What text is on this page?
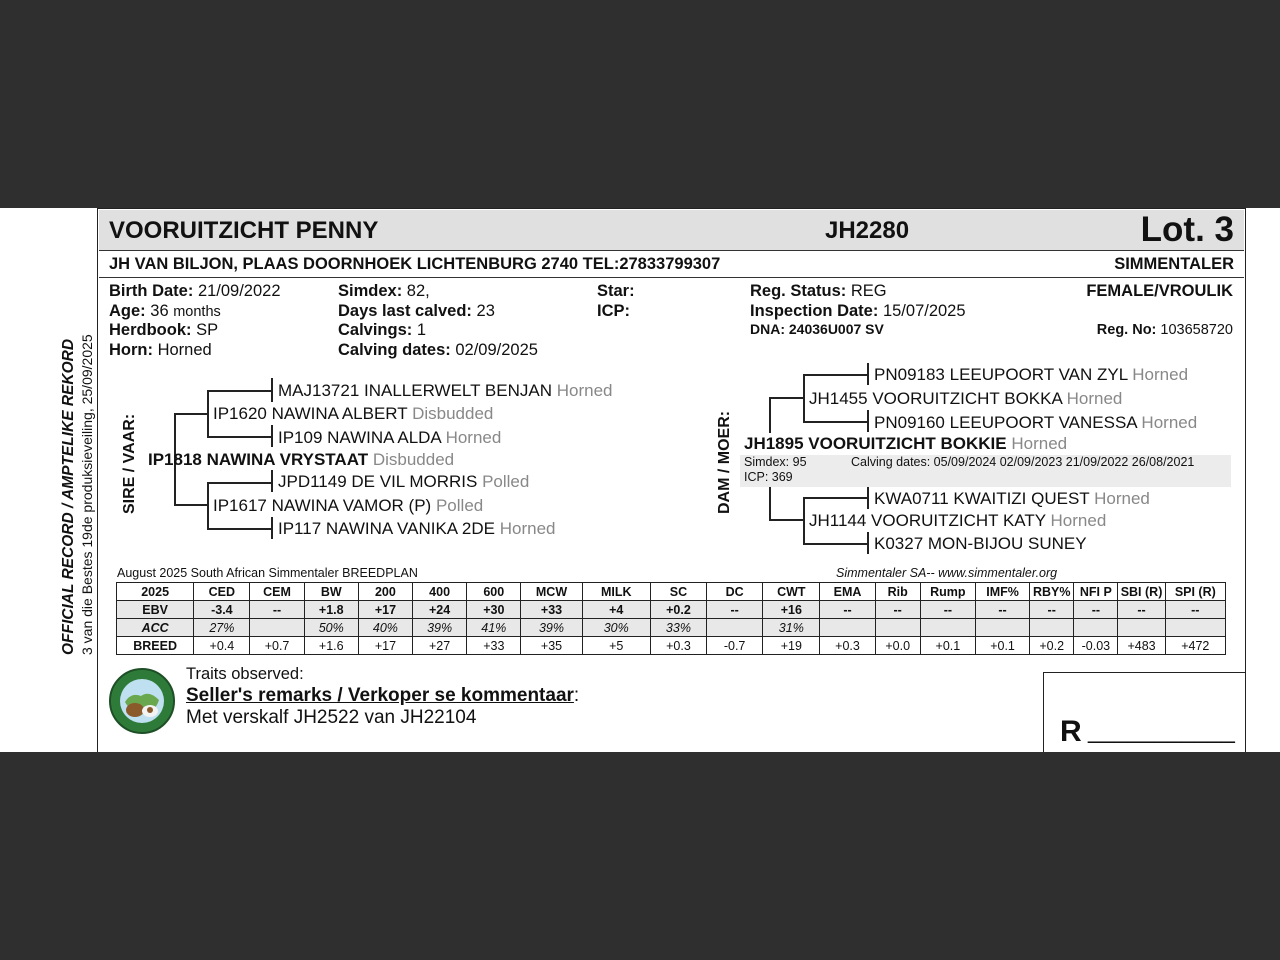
OFFICIAL RECORD / AMPTELIKE REKORD 3 van die Bestes 19de produksieveiling, 25/09/2025
VOORUITZICHT PENNY	JH2280	Lot. 3
JH VAN BILJON, PLAAS DOORNHOEK LICHTENBURG 2740 TEL:27833799307	SIMMENTALER
Birth Date: 21/09/2022
Age: 36 months
Herdbook: SP
Horn: Horned
Simdex: 82,
Days last calved: 23
Calvings: 1
Calving dates: 02/09/2025
Star:
ICP:
Reg. Status: REG
Inspection Date: 15/07/2025
DNA: 24036U007 SV
FEMALE/VROULIK
Reg. No: 103658720
SIRE / VAAR:
MAJ13721 INALLERWELT BENJAN Horned
IP1620 NAWINA ALBERT Disbudded
IP109 NAWINA ALDA Horned
IP1818 NAWINA VRYSTAAT Disbudded
JPD1149 DE VIL MORRIS Polled
IP1617 NAWINA VAMOR (P) Polled
IP117 NAWINA VANIKA 2DE Horned
DAM / MOER:
PN09183 LEEUPOORT VAN ZYL Horned
JH1455 VOORUITZICHT BOKKA Horned
PN09160 LEEUPOORT VANESSA Horned
JH1895 VOORUITZICHT BOKKIE Horned
Simdex: 95	Calving dates: 05/09/2024 02/09/2023 21/09/2022 26/08/2021
ICP: 369
KWA0711 KWAITIZI QUEST Horned
JH1144 VOORUITZICHT KATY Horned
K0327 MON-BIJOU SUNEY
August 2025 South African Simmentaler BREEDPLAN	Simmentaler SA-- www.simmentaler.org
2025	CED	CEM	BW	200	400	600	MCW	MILK	SC	DC	CWT	EMA	Rib	Rump	IMF%	RBY%	NFI P	SBI (R)	SPI (R)
EBV	-3.4	--	+1.8	+17	+24	+30	+33	+4	+0.2	--	+16	--	--	--	--	--	--	--	--
ACC	27%		50%	40%	39%	41%	39%	30%	33%		31%								
BREED	+0.4	+0.7	+1.6	+17	+27	+33	+35	+5	+0.3	-0.7	+19	+0.3	+0.0	+0.1	+0.1	+0.2	-0.03	+483	+472
Traits observed:
Seller's remarks / Verkoper se kommentaar:
Met verskalf JH2522 van JH22104	R ___________
